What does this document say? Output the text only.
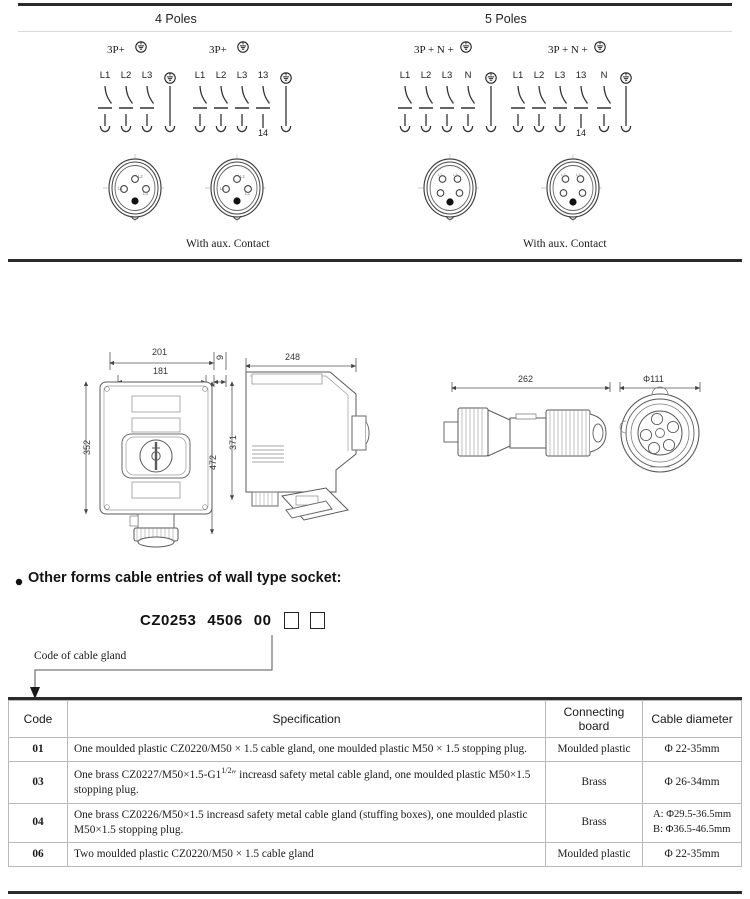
4 Poles	5 Poles
L2
L1
L3
L2
L1
L3
L2	L3	L2	L3
3P+	3P+	3P + N +	3P + N +
L1 L2 L3	L1 L2 L3 13
14
L1 L2 L3	N	L1 L2 L3 13	N
14
With aux. Contact	With aux. Contact
201
181
9
352
248
371
472
262	Φ111
Other forms cable entries of wall type socket:
CZ0253 4506 00
Code of cable gland
Code	Specification	Connecting board	Cable diameter
01	One moulded plastic CZ0220/M50 × 1.5 cable gland, one moulded plastic M50 × 1.5 stopping plug.	Moulded plastic	Φ 22-35mm
03	One brass $CZ0227/M50\times 1.5-G1^{1/2}''$ increasd safety metal cable gland, one moulded plastic M50×1.5 stopping plug.	Brass	Φ 26-34mm
04	One brass CZ0226/M50×1.5 increasd safety metal cable gland (stuffing boxes), one moulded plastic M50×1.5 stopping plug.	Brass	A: Φ29.5-36.5mm
B: Φ36.5-46.5mm

06	Two moulded plastic CZ0220/M50 × 1.5 cable gland	Moulded plastic	Φ 22-35mm
